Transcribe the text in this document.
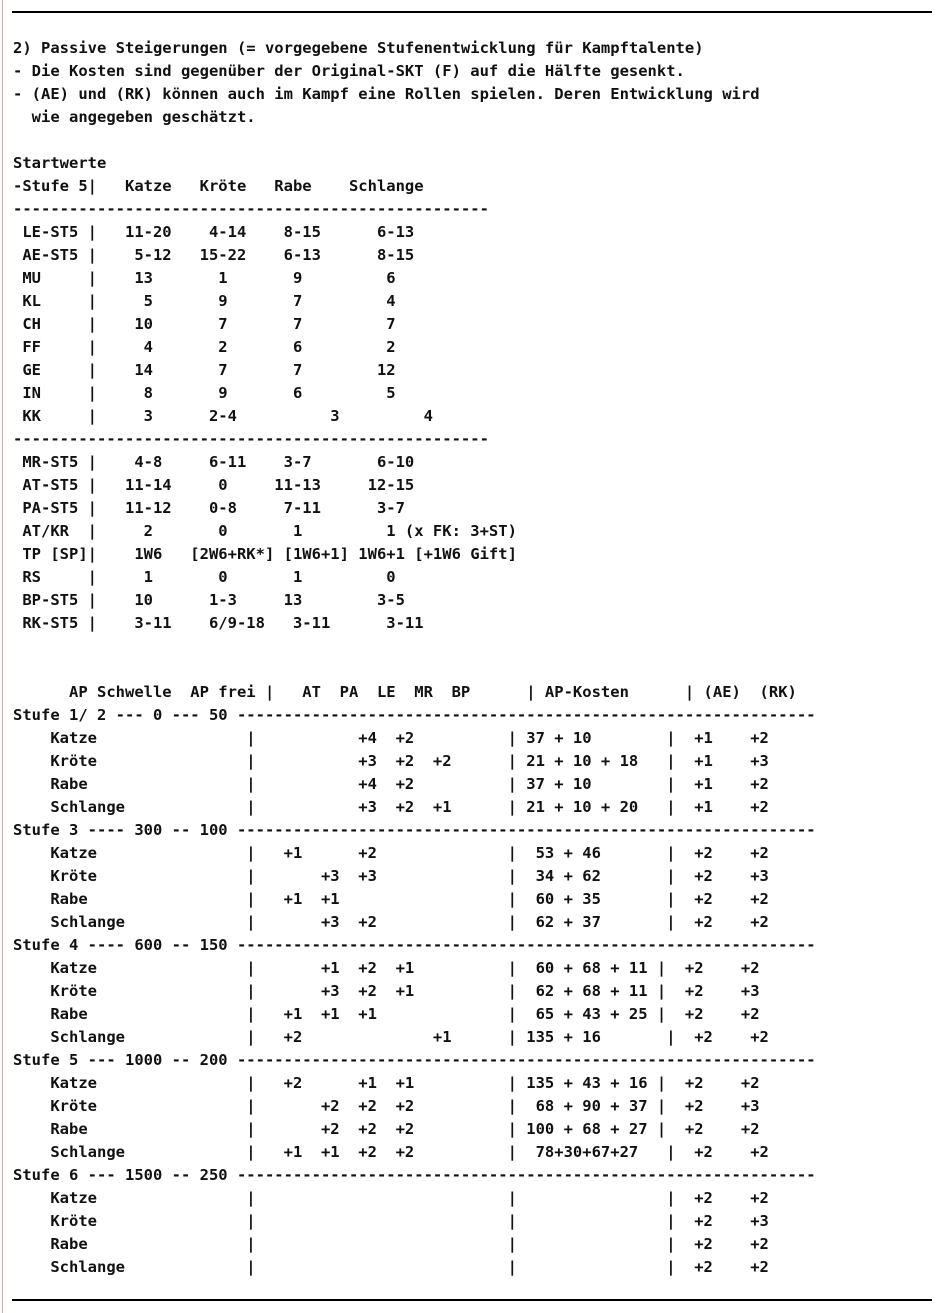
2) Passive Steigerungen (= vorgegebene Stufenentwicklung für Kampftalente)
- Die Kosten sind gegenüber der Original-SKT (F) auf die Hälfte gesenkt.
- (AE) und (RK) können auch im Kampf eine Rollen spielen. Deren Entwicklung wird
wie angegeben geschätzt.
Startwerte
-Stufe 5|   Katze   Kröte   Rabe    Schlange
---------------------------------------------------
LE-ST5 |   11-20    4-14    8-15      6-13
AE-ST5 |    5-12   15-22    6-13      8-15
MU     |    13       1       9         6
KL     |     5       9       7         4
CH     |    10       7       7         7
FF     |     4       2       6         2
GE     |    14       7       7        12
IN     |     8       9       6         5
KK     |     3      2-4          3         4
---------------------------------------------------
MR-ST5 |    4-8     6-11    3-7       6-10
AT-ST5 |   11-14     0     11-13     12-15
PA-ST5 |   11-12    0-8     7-11      3-7
AT/KR  |     2       0       1         1 (x FK: 3+ST)
TP [SP]|    1W6   [2W6+RK*] [1W6+1] 1W6+1 [+1W6 Gift]
RS     |     1       0       1         0
BP-ST5 |    10      1-3     13        3-5
RK-ST5 |    3-11    6/9-18   3-11      3-11
AP Schwelle  AP frei |   AT  PA  LE  MR  BP      | AP-Kosten      | (AE)  (RK)
Stufe 1/ 2 --- 0 --- 50 --------------------------------------------------------------
Katze                |           +4  +2          | 37 + 10        |  +1    +2
Kröte                |           +3  +2  +2      | 21 + 10 + 18   |  +1    +3
Rabe                 |           +4  +2          | 37 + 10        |  +1    +2
Schlange             |           +3  +2  +1      | 21 + 10 + 20   |  +1    +2
Stufe 3 ---- 300 -- 100 --------------------------------------------------------------
Katze                |   +1      +2              |  53 + 46       |  +2    +2
Kröte                |       +3  +3              |  34 + 62       |  +2    +3
Rabe                 |   +1  +1                  |  60 + 35       |  +2    +2
Schlange             |       +3  +2              |  62 + 37       |  +2    +2
Stufe 4 ---- 600 -- 150 --------------------------------------------------------------
Katze                |       +1  +2  +1          |  60 + 68 + 11 |  +2    +2
Kröte                |       +3  +2  +1          |  62 + 68 + 11 |  +2    +3
Rabe                 |   +1  +1  +1              |  65 + 43 + 25 |  +2    +2
Schlange             |   +2              +1      | 135 + 16       |  +2    +2
Stufe 5 --- 1000 -- 200 --------------------------------------------------------------
Katze                |   +2      +1  +1          | 135 + 43 + 16 |  +2    +2
Kröte                |       +2  +2  +2          |  68 + 90 + 37 |  +2    +3
Rabe                 |       +2  +2  +2          | 100 + 68 + 27 |  +2    +2
Schlange             |   +1  +1  +2  +2          |  78+30+67+27   |  +2    +2
Stufe 6 --- 1500 -- 250 --------------------------------------------------------------
Katze                |                           |                |  +2    +2
Kröte                |                           |                |  +2    +3
Rabe                 |                           |                |  +2    +2
Schlange             |                           |                |  +2    +2
